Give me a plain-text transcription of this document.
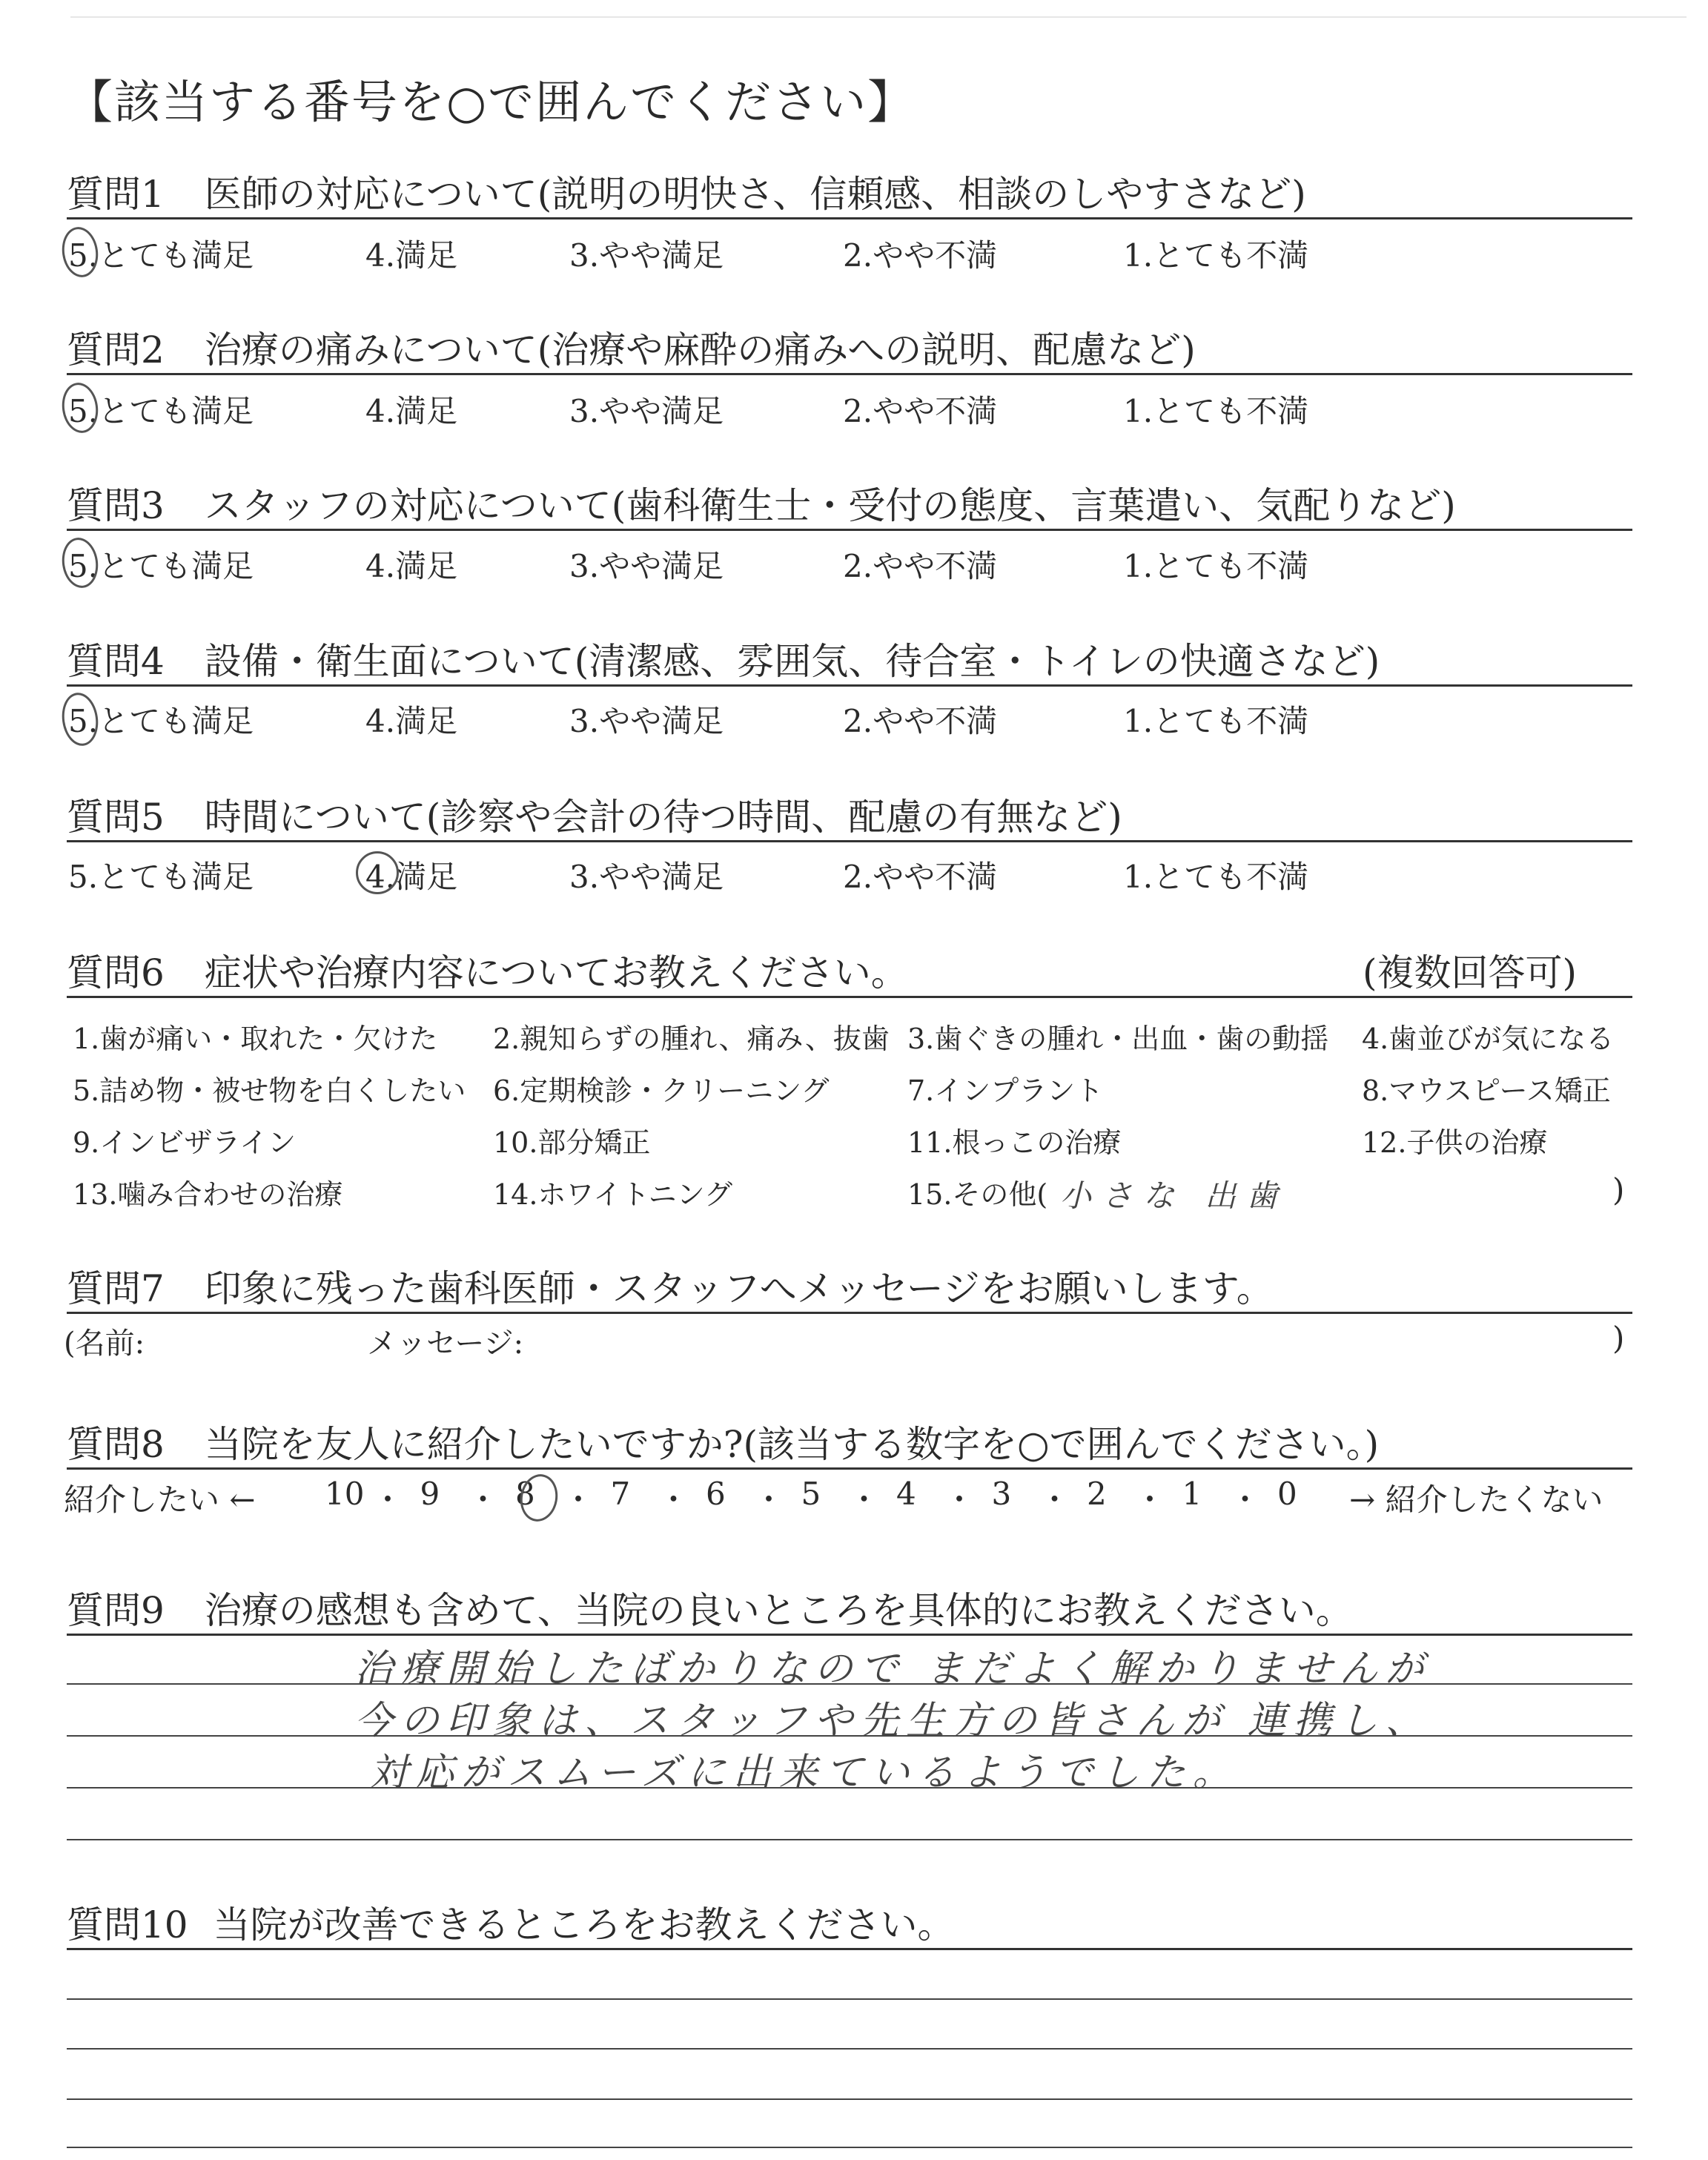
【該当する番号を○で囲んでください】
質問1 医師の対応について(説明の明快さ、信頼感、相談のしやすさなど)
5.とても満足	4.満足	3.やや満足	2.やや不満	1.とても不満
質問2 治療の痛みについて(治療や麻酔の痛みへの説明、配慮など)
5.とても満足	4.満足	3.やや満足	2.やや不満	1.とても不満
質問3 スタッフの対応について(歯科衛生士・受付の態度、言葉遣い、気配りなど)
5.とても満足	4.満足	3.やや満足	2.やや不満	1.とても不満
質問4 設備・衛生面について(清潔感、雰囲気、待合室・トイレの快適さなど)
5.とても満足	4.満足	3.やや満足	2.やや不満	1.とても不満
質問5 時間について(診察や会計の待つ時間、配慮の有無など)
5.とても満足	4.満足	3.やや満足	2.やや不満	1.とても不満
質問6 症状や治療内容についてお教えください。	(複数回答可)
1.歯が痛い・取れた・欠けた 2.親知らずの腫れ、痛み、抜歯 3.歯ぐきの腫れ・出血・歯の動揺 4.歯並びが気になる
5.詰め物・被せ物を白くしたい 6.定期検診・クリーニング	7.インプラント	8.マウスピース矯正
9.インビザライン	10.部分矯正	11.根っこの治療	12.子供の治療
13.噛み合わせの治療	14.ホワイトニング	15.その他( 小さな 出歯	)
質問7 印象に残った歯科医師・スタッフへメッセージをお願いします。
(名前:	メッセージ:	)
質問8 当院を友人に紹介したいですか?(該当する数字を○で囲んでください。)
紹介したい ←	→ 紹介したくない
10 ・ 9 ・ 8 ・ 7 ・ 6 ・ 5 ・ 4 ・ 3 ・ 2 ・ 1 ・ 0
質問9 治療の感想も含めて、当院の良いところを具体的にお教えください。
治療開始したばかりなので まだよく解かりませんが
今の印象は、スタッフや先生方の皆さんが 連携し、
対応がスムーズに出来ているようでした。
質問10 当院が改善できるところをお教えください。
